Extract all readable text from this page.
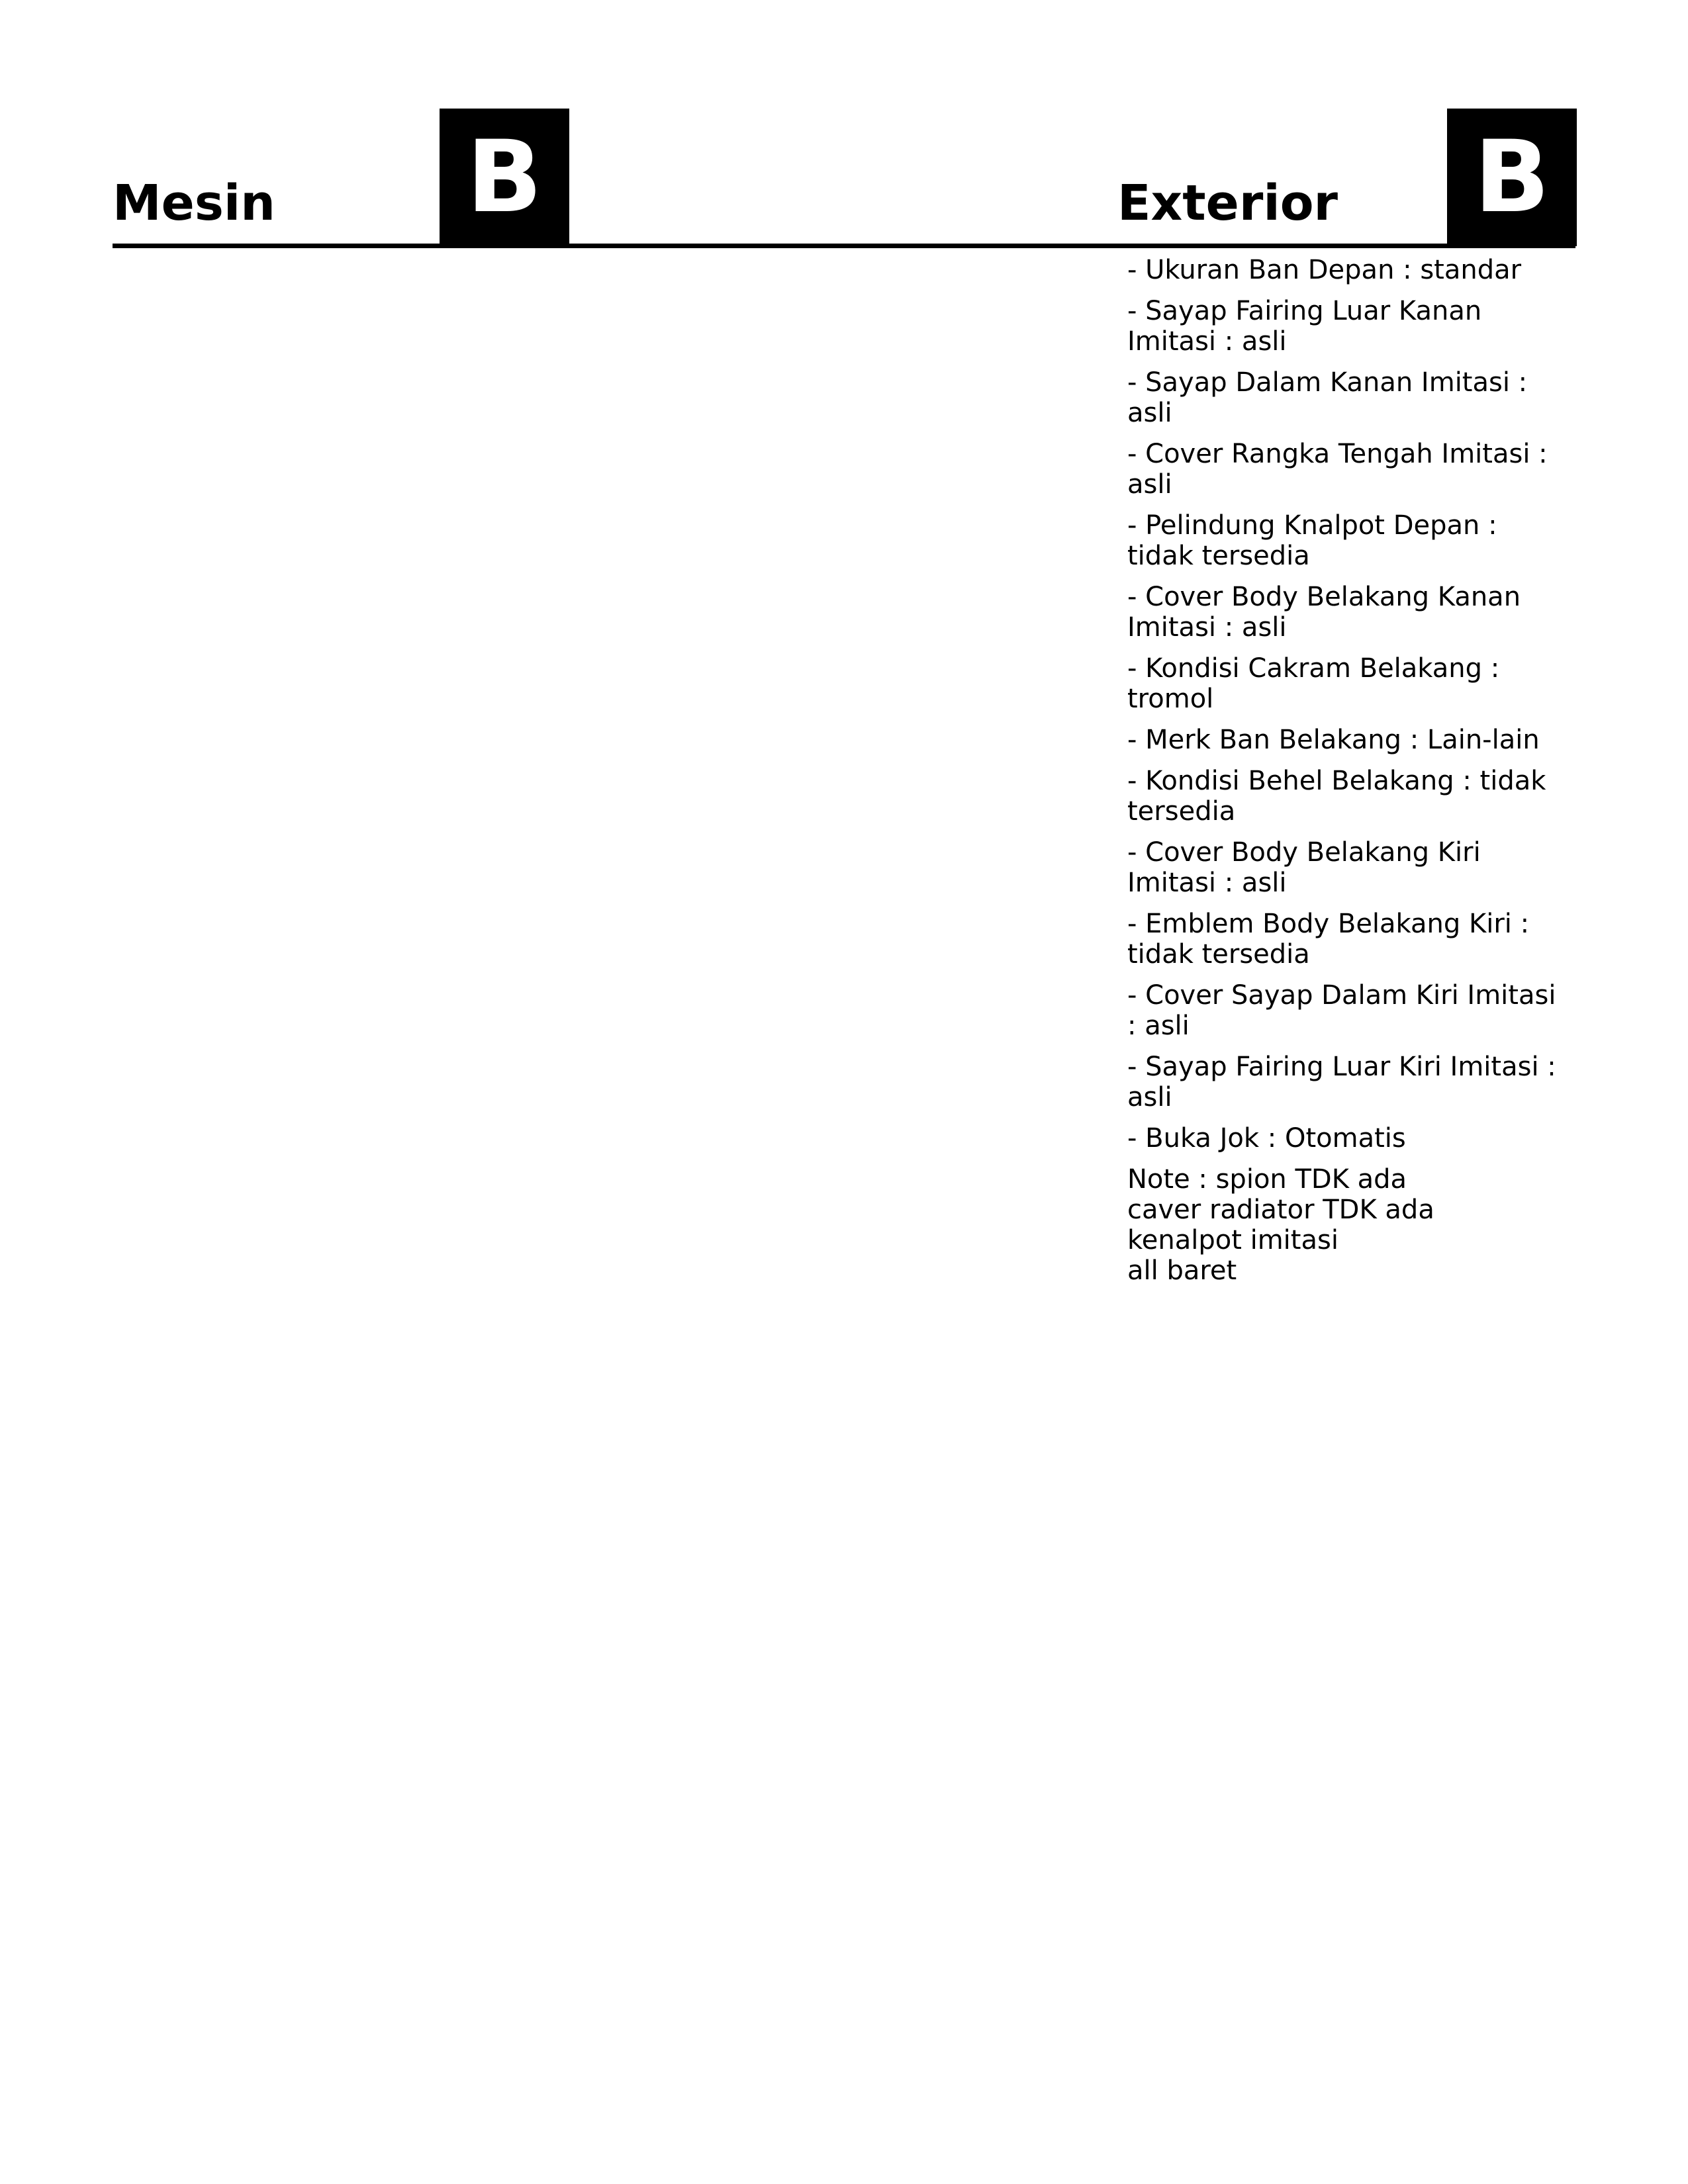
Mesin B	Exterior B
- Ukuran Ban Depan : standar
- Sayap Fairing Luar Kanan Imitasi : asli
- Sayap Dalam Kanan Imitasi : asli
- Cover Rangka Tengah Imitasi : asli
- Pelindung Knalpot Depan : tidak tersedia
- Cover Body Belakang Kanan Imitasi : asli
- Kondisi Cakram Belakang : tromol
- Merk Ban Belakang : Lain-lain
- Kondisi Behel Belakang : tidak tersedia
- Cover Body Belakang Kiri Imitasi : asli
- Emblem Body Belakang Kiri : tidak tersedia
- Cover Sayap Dalam Kiri Imitasi : asli
- Sayap Fairing Luar Kiri Imitasi : asli
- Buka Jok : Otomatis

Note : spion TDK ada
caver radiator TDK ada
kenalpot imitasi
all baret
